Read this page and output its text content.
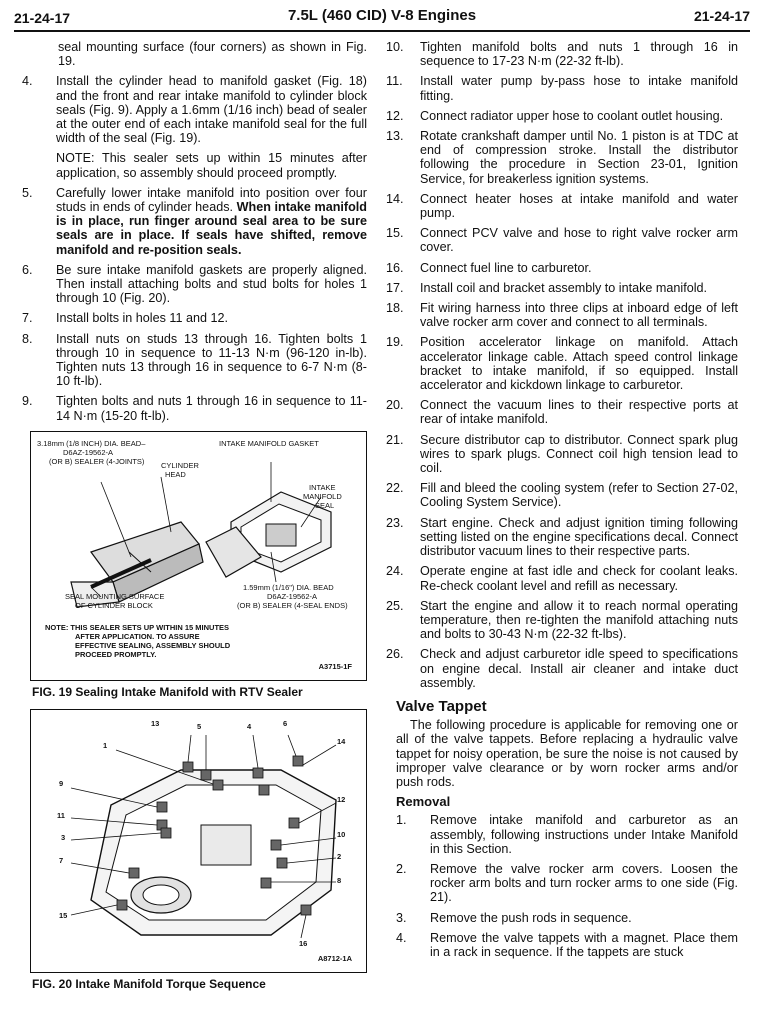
21-24-17	7.5L (460 CID) V-8 Engines	21-24-17

seal mounting surface (four corners) as shown in Fig. 19.

4.	Install the cylinder head to manifold gasket (Fig. 18) and the front and rear intake manifold to cylinder block seals (Fig. 9). Apply a 1.6mm (1/16 inch) bead of sealer at the outer end of each intake manifold seal for the full width of the seal (Fig. 19).

NOTE: This sealer sets up within 15 minutes after application, so assembly should proceed promptly.

5.	Carefully lower intake manifold into position over four studs in ends of cylinder heads. When intake manifold is in place, run finger around seal area to be sure seals are in place. If seals have shifted, remove manifold and re-position seals.
6.	Be sure intake manifold gaskets are properly aligned. Then install attaching bolts and stud bolts for holes 1 through 10 (Fig. 20).
7.	Install bolts in holes 11 and 12.
8.	Install nuts on studs 13 through 16. Tighten bolts 1 through 10 in sequence to 11-13 N·m (96-120 in-lb). Tighten nuts 13 through 16 in sequence to 6-7 N·m (8-10 ft-lb).
9.	Tighten bolts and nuts 1 through 16 in sequence to 11-14 N·m (15-20 ft-lb).
3.18mm (1/8 INCH) DIA. BEAD–
D6AZ-19562-A
(OR B) SEALER (4-JOINTS) CYLINDER
HEAD
INTAKE MANIFOLD GASKET
INTAKE
MANIFOLD
SEAL
1.59mm (1/16") DIA. BEAD
D6AZ-19562-A
(OR B) SEALER (4-SEAL ENDS)
SEAL MOUNTING SURFACE
OF CYLINDER BLOCK
NOTE: THIS SEALER SETS UP WITHIN 15 MINUTES
AFTER APPLICATION. TO ASSURE
EFFECTIVE SEALING, ASSEMBLY SHOULD
PROCEED PROMPTLY.
A3715-1F
FIG. 19 Sealing Intake Manifold with RTV Sealer
13	5	4	6
14
1
9
12
11
10
3
2
7
8
15
16
A8712-1A
FIG. 20 Intake Manifold Torque Sequence
10.	Tighten manifold bolts and nuts 1 through 16 in sequence to 17-23 N·m (22-32 ft-lb).
11.	Install water pump by-pass hose to intake manifold fitting.
12.	Connect radiator upper hose to coolant outlet housing.
13.	Rotate crankshaft damper until No. 1 piston is at TDC at end of compression stroke. Install the distributor following the procedure in Section 23-01, Ignition Service, for breakerless ignition systems.
14.	Connect heater hoses at intake manifold and water pump.
15.	Connect PCV valve and hose to right valve rocker arm cover.
16.	Connect fuel line to carburetor.
17.	Install coil and bracket assembly to intake manifold.
18.	Fit wiring harness into three clips at inboard edge of left valve rocker arm cover and connect to all terminals.
19.	Position accelerator linkage on manifold. Attach accelerator linkage cable. Attach speed control linkage bracket to intake manifold, if so equipped. Install accelerator and kickdown linkage to carburetor.
20.	Connect the vacuum lines to their respective ports at rear of intake manifold.
21.	Secure distributor cap to distributor. Connect spark plug wires to spark plugs. Connect coil high tension lead to coil.
22.	Fill and bleed the cooling system (refer to Section 27-02, Cooling System Service).
23.	Start engine. Check and adjust ignition timing following setting listed on the engine specifications decal. Connect distributor vacuum lines to their respective parts.
24.	Operate engine at fast idle and check for coolant leaks. Re-check coolant level and refill as necessary.
25.	Start the engine and allow it to reach normal operating temperature, then re-tighten the manifold attaching nuts and bolts to 30-43 N·m (22-32 ft-lbs).
26.	Check and adjust carburetor idle speed to specifications on engine decal. Install air cleaner and intake duct assembly.
Valve Tappet

The following procedure is applicable for removing one or all of the valve tappets. Before replacing a hydraulic valve tappet for noisy operation, be sure the noise is not caused by improper valve clearance or by worn rocker arms and/or push rods.

Removal
1.	Remove intake manifold and carburetor as an assembly, following instructions under Intake Manifold in this Section.
2.	Remove the valve rocker arm covers. Loosen the rocker arm bolts and turn rocker arms to one side (Fig. 21).
3.	Remove the push rods in sequence.
4.	Remove the valve tappets with a magnet. Place them in a rack in sequence. If the tappets are stuck
